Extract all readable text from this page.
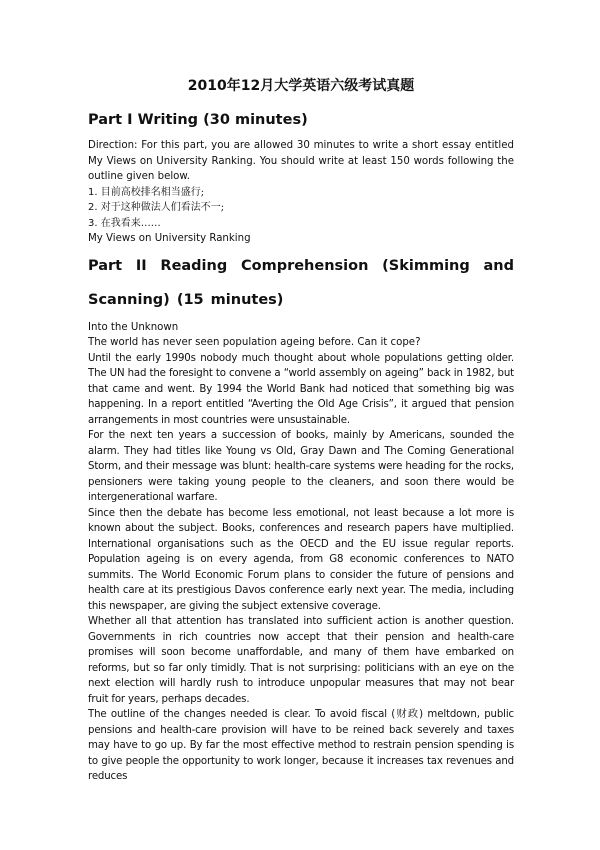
2010年12月大学英语六级考试真题
Part I Writing (30 minutes)

Direction: For this part, you are allowed 30 minutes to write a short essay entitled My Views on University Ranking. You should write at least 150 words following the outline given below.

1. 目前高校排名相当盛行;
2. 对于这种做法人们看法不一;
3. 在我看来……

My Views on University Ranking

Part II Reading Comprehension (Skimming and Scanning) (15 minutes)

Into the Unknown

The world has never seen population ageing before. Can it cope?

Until the early 1990s nobody much thought about whole populations getting older. The UN had the foresight to convene a “world assembly on ageing” back in 1982, but that came and went. By 1994 the World Bank had noticed that something big was happening. In a report entitled “Averting the Old Age Crisis”, it argued that pension arrangements in most countries were unsustainable.

For the next ten years a succession of books, mainly by Americans, sounded the alarm. They had titles like Young vs Old, Gray Dawn and The Coming Generational Storm, and their message was blunt: health-care systems were heading for the rocks, pensioners were taking young people to the cleaners, and soon there would be intergenerational warfare.

Since then the debate has become less emotional, not least because a lot more is known about the subject. Books, conferences and research papers have multiplied. International organisations such as the OECD and the EU issue regular reports. Population ageing is on every agenda, from G8 economic conferences to NATO summits. The World Economic Forum plans to consider the future of pensions and health care at its prestigious Davos conference early next year. The media, including this newspaper, are giving the subject extensive coverage.

Whether all that attention has translated into sufficient action is another question. Governments in rich countries now accept that their pension and health-care promises will soon become unaffordable, and many of them have embarked on reforms, but so far only timidly. That is not surprising: politicians with an eye on the next election will hardly rush to introduce unpopular measures that may not bear fruit for years, perhaps decades.

The outline of the changes needed is clear. To avoid fiscal (财政) meltdown, public pensions and health-care provision will have to be reined back severely and taxes may have to go up. By far the most effective method to restrain pension spending is to give people the opportunity to work longer, because it increases tax revenues and reduces
